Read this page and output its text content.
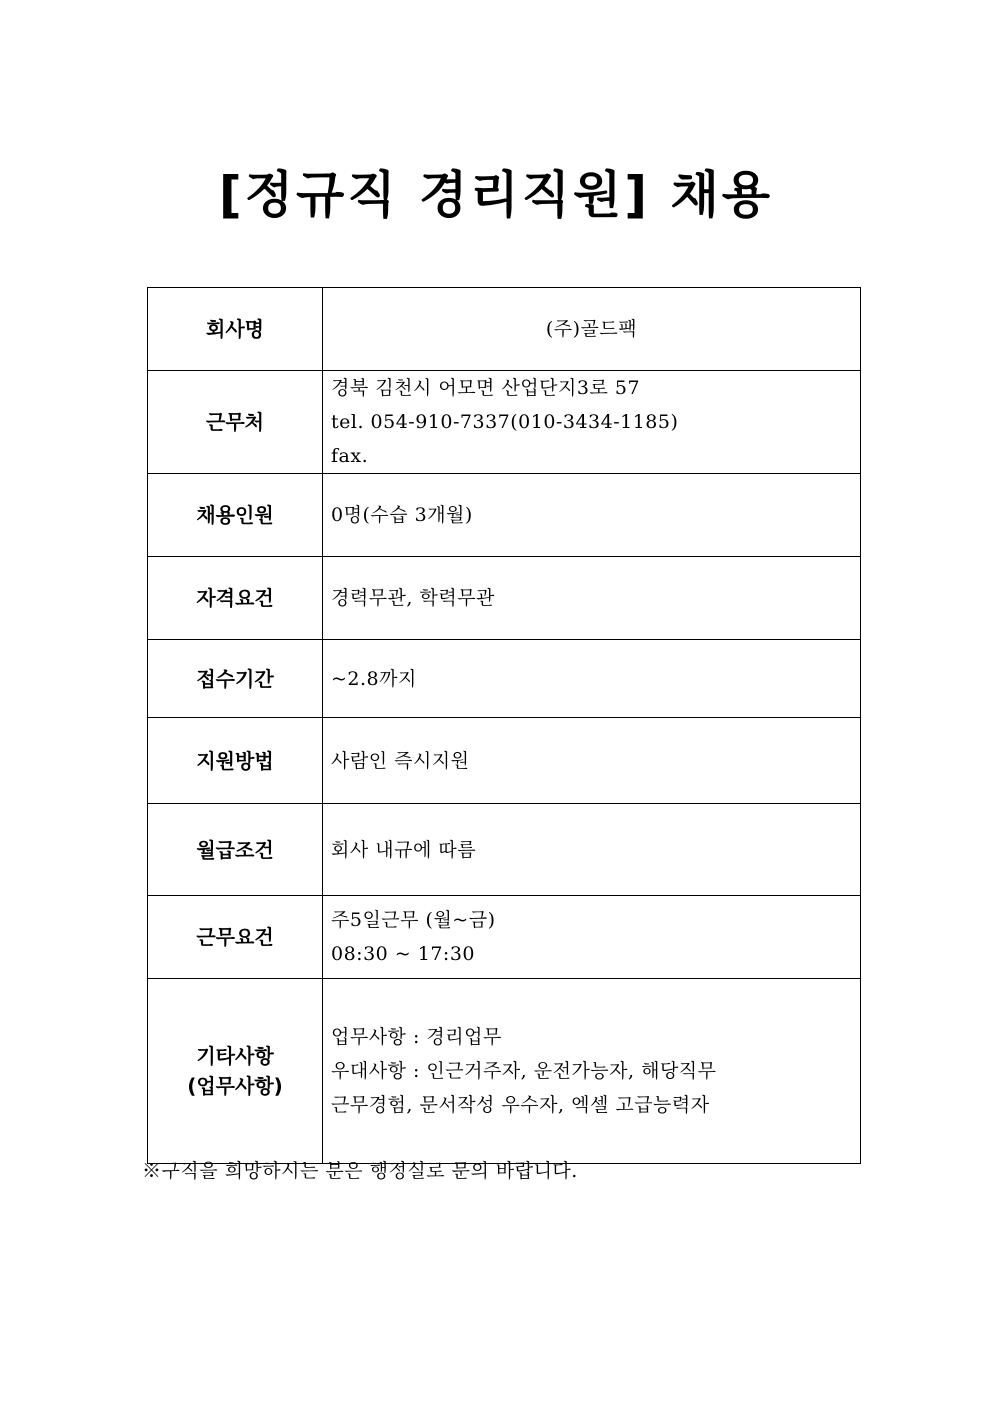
[정규직 경리직원] 채용
회사명	(주)골드팩

근무처	경북 김천시 어모면 산업단지3로 57
tel. 054-910-7337(010-3434-1185)
fax.

채용인원	0명(수습 3개월)

자격요건	경력무관, 학력무관

접수기간	~2.8까지

지원방법	사람인 즉시지원

월급조건	회사 내규에 따름

근무요건	주5일근무 (월~금)
08:30 ~ 17:30

기타사항
(업무사항)	업무사항 : 경리업무
우대사항 : 인근거주자, 운전가능자, 해당직무
근무경험, 문서작성 우수자, 엑셀 고급능력자

※구직을 희망하시는 분은 행정실로 문의 바랍니다.
